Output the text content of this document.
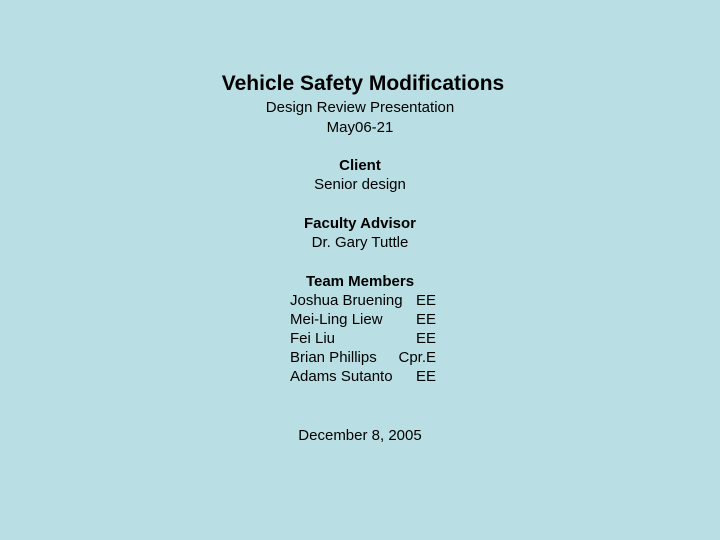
Vehicle Safety Modifications
Design Review Presentation
May06-21
Client
Senior design
Faculty Advisor
Dr. Gary Tuttle
Team Members
Joshua Bruening EE
Mei-Ling Liew EE
Fei Liu	EE
Brian Phillips Cpr.E
Adams Sutanto EE
December 8, 2005
